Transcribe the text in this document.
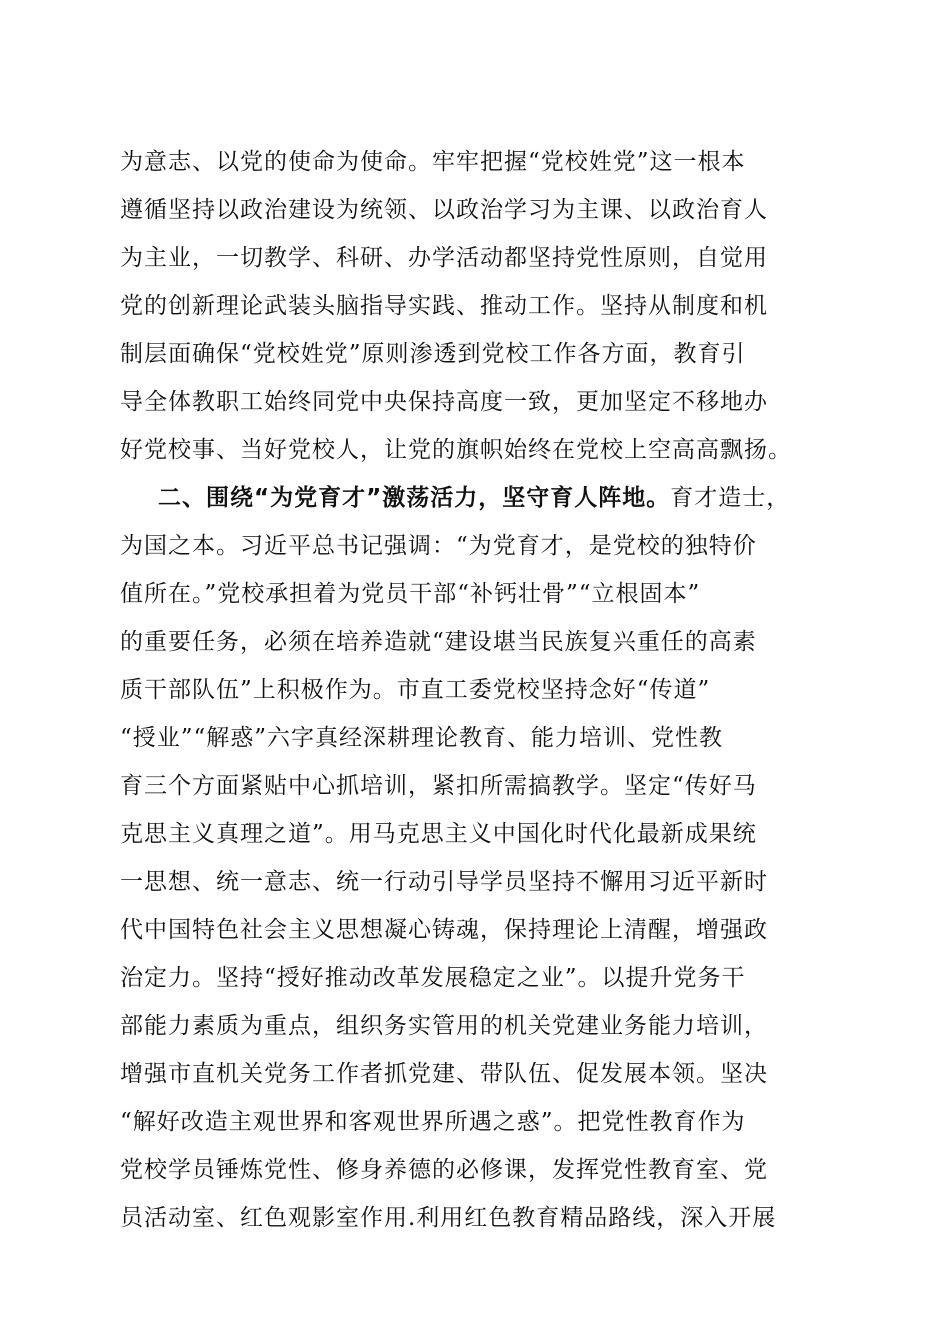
为意志、以党的使命为使命。牢牢把握“党校姓党”这一根本
遵循坚持以政治建设为统领、以政治学习为主课、以政治育人
为主业，一切教学、科研、办学活动都坚持党性原则，自觉用
党的创新理论武装头脑指导实践、推动工作。坚持从制度和机
制层面确保“党校姓党”原则渗透到党校工作各方面，教育引
导全体教职工始终同党中央保持高度一致，更加坚定不移地办
好党校事、当好党校人，让党的旗帜始终在党校上空高高飘扬。
二、围绕“为党育才”激荡活力，坚守育人阵地。育才造士，
为国之本。习近平总书记强调：“为党育才，是党校的独特价
值所在。”党校承担着为党员干部“补钙壮骨”“立根固本”
的重要任务，必须在培养造就“建设堪当民族复兴重任的高素
质干部队伍”上积极作为。市直工委党校坚持念好“传道”
“授业”“解惑”六字真经深耕理论教育、能力培训、党性教
育三个方面紧贴中心抓培训，紧扣所需搞教学。坚定“传好马
克思主义真理之道”。用马克思主义中国化时代化最新成果统
一思想、统一意志、统一行动引导学员坚持不懈用习近平新时
代中国特色社会主义思想凝心铸魂，保持理论上清醒，增强政
治定力。坚持“授好推动改革发展稳定之业”。以提升党务干
部能力素质为重点，组织务实管用的机关党建业务能力培训，
增强市直机关党务工作者抓党建、带队伍、促发展本领。坚决
“解好改造主观世界和客观世界所遇之惑”。把党性教育作为
党校学员锤炼党性、修身养德的必修课，发挥党性教育室、党
员活动室、红色观影室作用.利用红色教育精品路线，深入开展
